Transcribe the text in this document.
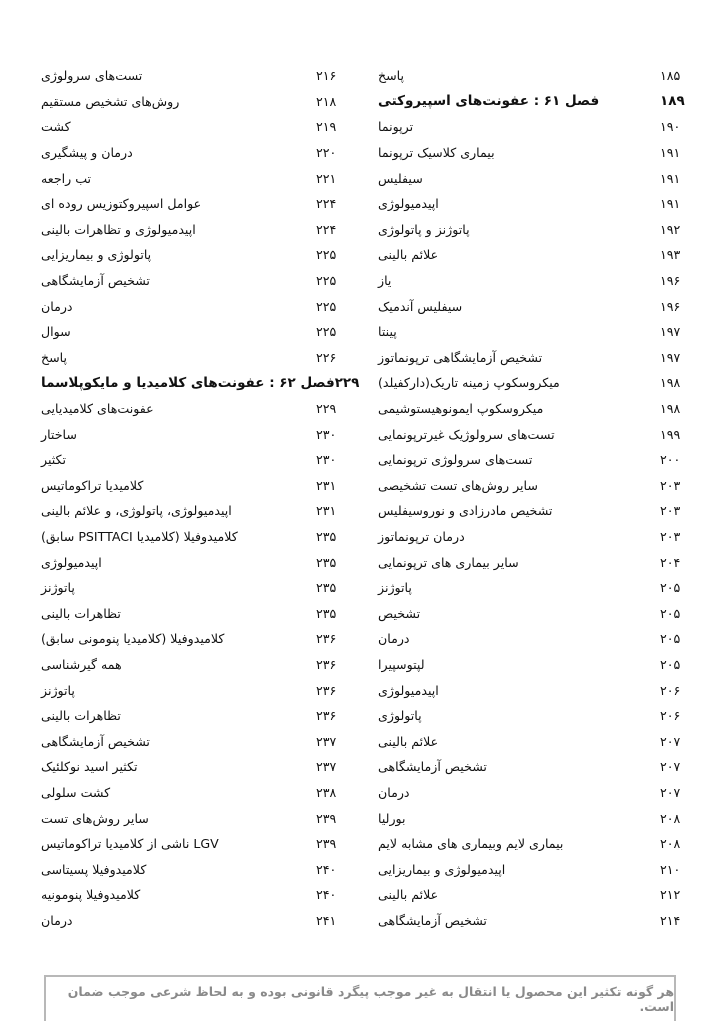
پاسخ	۱۸۵
فصل ۶۱ : عفونت‌های اسپیروکتی	۱۸۹
ترپونما	۱۹۰
بیماری کلاسیک ترپونما	۱۹۱
سیفلیس	۱۹۱
اپیدمیولوژی	۱۹۱
پاتوژنز و پاتولوژی	۱۹۲
علائم بالینی	۱۹۳
یاز	۱۹۶
سیفلیس آندمیک	۱۹۶
پینتا	۱۹۷
تشخیص آزمایشگاهی ترپونماتوز	۱۹۷
میکروسکوپ زمینه تاریک(دارکفیلد)	۱۹۸
میکروسکوپ ایمونوهیستوشیمی	۱۹۸
تست‌های سرولوژیک غیرترپونمایی	۱۹۹
تست‌های سرولوژی ترپونمایی	۲۰۰
سایر روش‌های تست تشخیصی	۲۰۳
تشخیص مادرزادی و نوروسیفلیس	۲۰۳
درمان ترپونماتوز	۲۰۳
سایر بیماری های ترپونمایی	۲۰۴
پاتوژنز	۲۰۵
تشخیص	۲۰۵
درمان	۲۰۵
لپتوسپیرا	۲۰۵
اپیدمیولوژی	۲۰۶
پاتولوژی	۲۰۶
علائم بالینی	۲۰۷
تشخیص آزمایشگاهی	۲۰۷
درمان	۲۰۷
بورلیا	۲۰۸
بیماری لایم وبیماری های مشابه لایم	۲۰۸
اپیدمیولوژی و بیماریزایی	۲۱۰
علائم بالینی	۲۱۲
تشخیص آزمایشگاهی	۲۱۴
تست‌های سرولوژی	۲۱۶
روش‌های تشخیص مستقیم	۲۱۸
کشت	۲۱۹
درمان و پیشگیری	۲۲۰
تب راجعه	۲۲۱
عوامل اسپیروکتوزیس روده ای	۲۲۴
اپیدمیولوژی و تظاهرات بالینی	۲۲۴
پاتولوژی و بیماریزایی	۲۲۵
تشخیص آزمایشگاهی	۲۲۵
درمان	۲۲۵
سوال	۲۲۵
پاسخ	۲۲۶
فصل ۶۲ : عفونت‌های کلامیدیا و مایکوپلاسما ۲۲۹
عفونت‌های کلامیدیایی	۲۲۹
ساختار	۲۳۰
تکثیر	۲۳۰
کلامیدیا تراکوماتیس	۲۳۱
اپیدمیولوژی، پاتولوژی، و علائم بالینی	۲۳۱
کلامیدوفیلا (کلامیدیا PSITTACI سابق)	۲۳۵
اپیدمیولوژی	۲۳۵
پاتوژنز	۲۳۵
تظاهرات بالینی	۲۳۵
کلامیدوفیلا (کلامیدیا پنومونی سابق)	۲۳۶
همه گیرشناسی	۲۳۶
پاتوژنز	۲۳۶
تظاهرات بالینی	۲۳۶
تشخیص آزمایشگاهی	۲۳۷
تکثیر اسید نوکلئیک	۲۳۷
کشت سلولی	۲۳۸
سایر روش‌های تست	۲۳۹
LGV ناشی از کلامیدیا تراکوماتیس	۲۳۹
کلامیدوفیلا پسیتاسی	۲۴۰
کلامیدوفیلا پنومونیه	۲۴۰
درمان	۲۴۱
هر گونه تکثیر این محصول یا انتقال به غیر موجب پیگرد قانونی بوده و به لحاظ شرعی موجب ضمان است.
